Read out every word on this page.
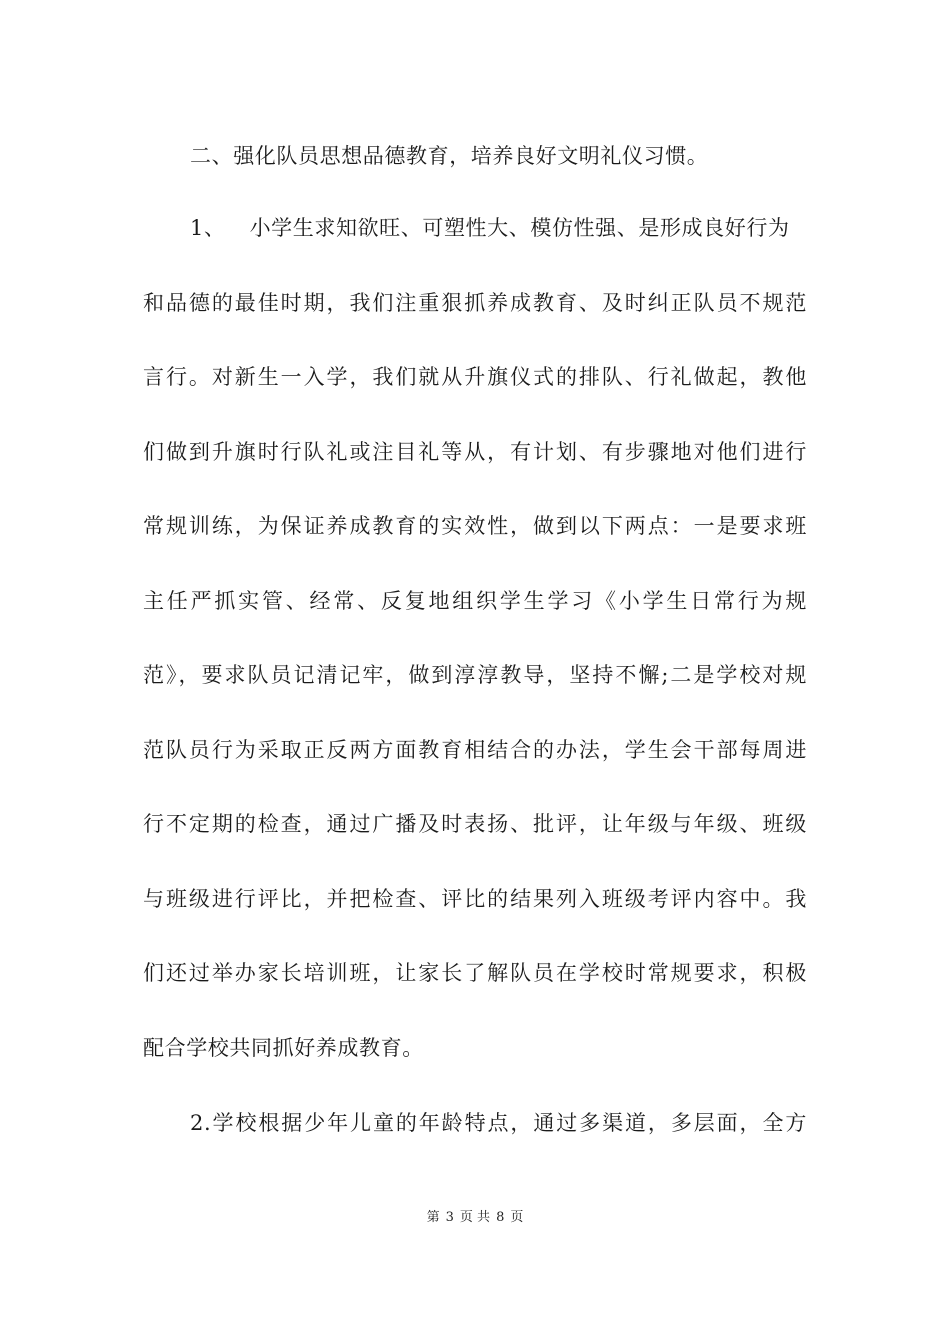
二、强化队员思想品德教育，培养良好文明礼仪习惯。
1、 小学生求知欲旺、可塑性大、模仿性强、是形成良好行为
和品德的最佳时期，我们注重狠抓养成教育、及时纠正队员不规范
言行。对新生一入学，我们就从升旗仪式的排队、行礼做起，教他
们做到升旗时行队礼或注目礼等从，有计划、有步骤地对他们进行
常规训练，为保证养成教育的实效性，做到以下两点：一是要求班
主任严抓实管、经常、反复地组织学生学习《小学生日常行为规
范》，要求队员记清记牢，做到淳淳教导，坚持不懈;二是学校对规
范队员行为采取正反两方面教育相结合的办法，学生会干部每周进
行不定期的检查，通过广播及时表扬、批评，让年级与年级、班级
与班级进行评比，并把检查、评比的结果列入班级考评内容中。我
们还过举办家长培训班，让家长了解队员在学校时常规要求，积极
配合学校共同抓好养成教育。
2.学校根据少年儿童的年龄特点，通过多渠道，多层面，全方
第 3 页 共 8 页
